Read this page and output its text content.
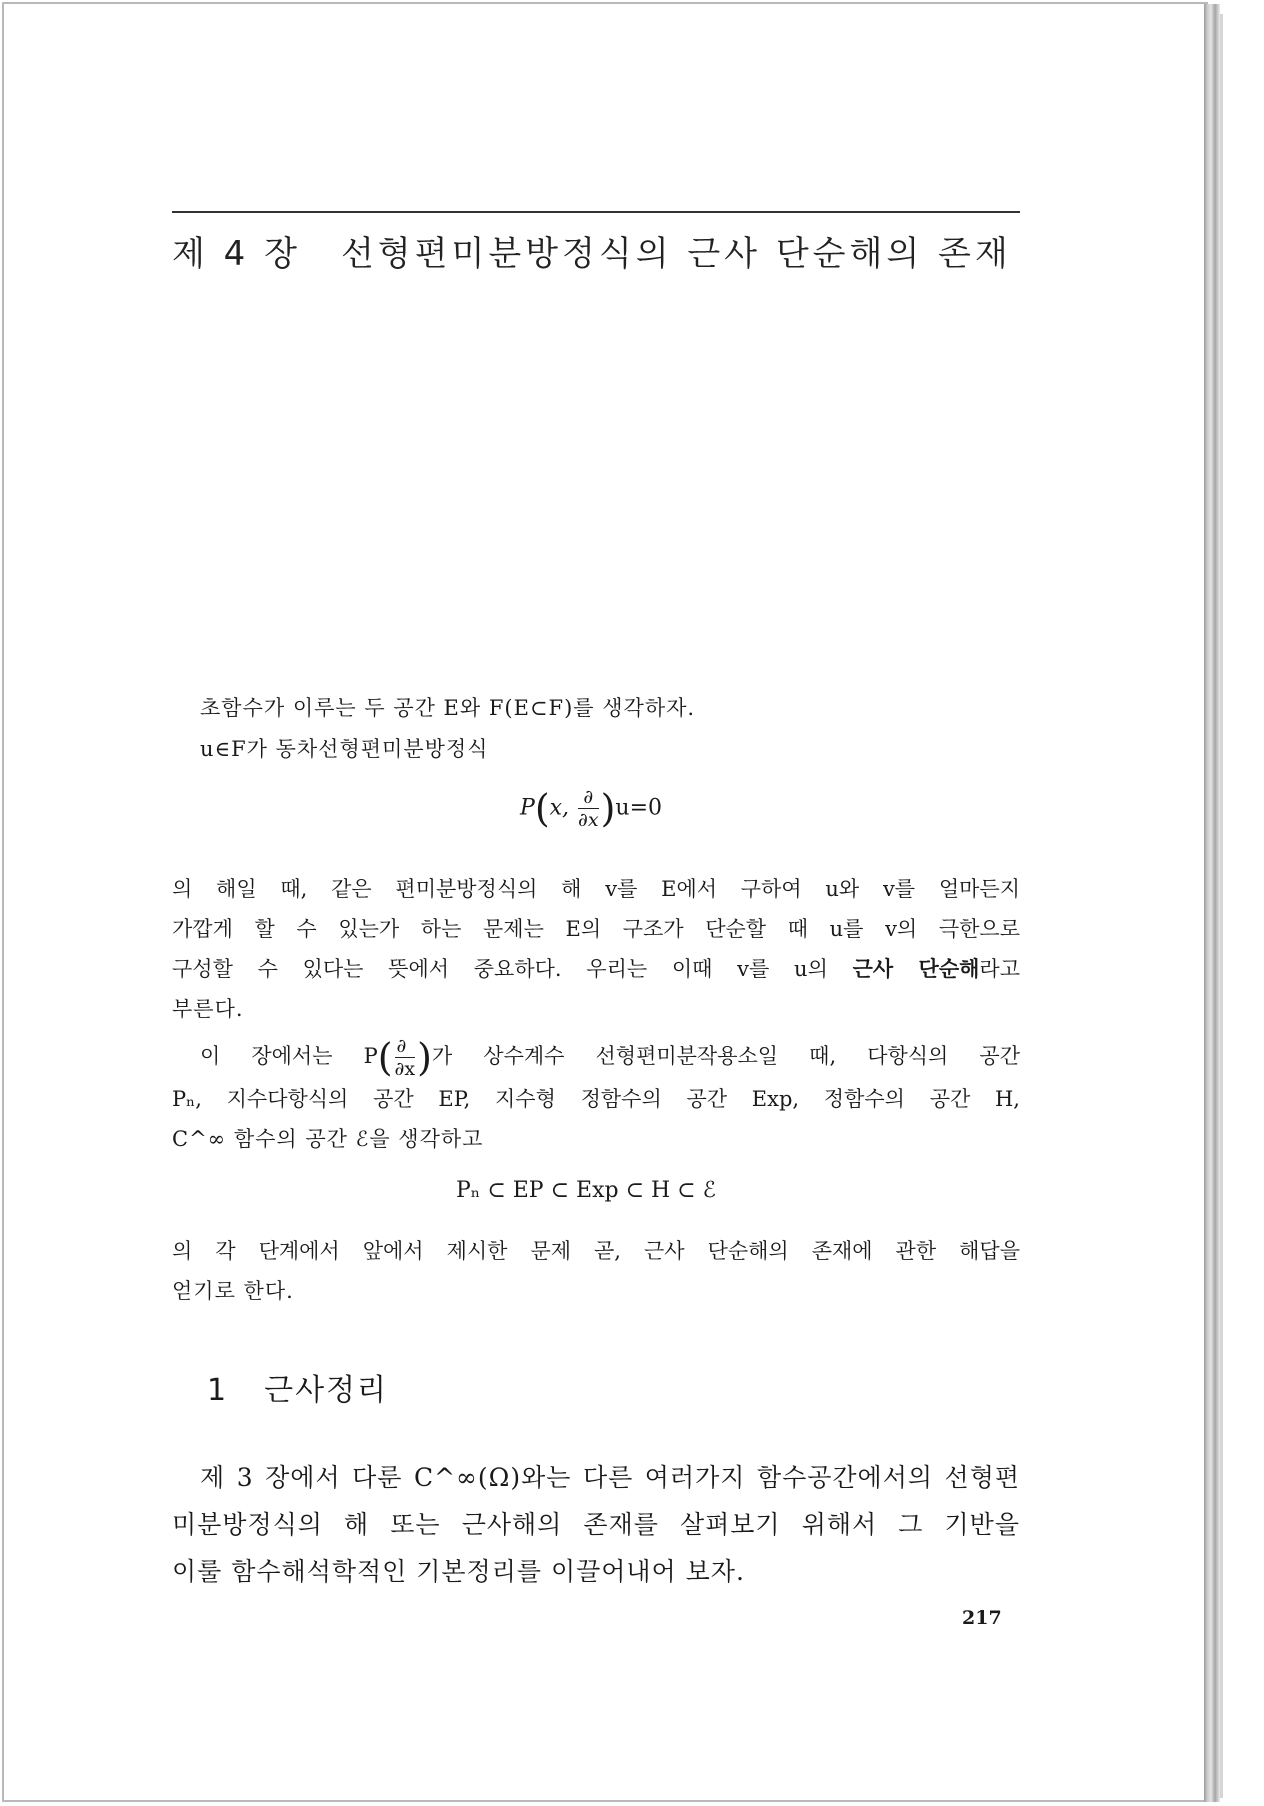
제 4 장 선형편미분방정식의 근사 단순해의 존재
초함수가 이루는 두 공간 E와 F(E⊂F)를 생각하자.
u∈F가 동차선형편미분방정식
P(x, $\frac{\partial}{\partial x} )u=0$
의 해일 때, 같은 편미분방정식의 해 v를 E에서 구하여 u와 v를 얼마든지
가깝게 할 수 있는가 하는 문제는 E의 구조가 단순할 때 u를 v의 극한으로
구성할 수 있다는 뜻에서 중요하다. 우리는 이때 v를 u의 근사 단순해라고
부른다.
이 장에서는 $P( \frac{\partial}{\partial x}$ )가 상수계수 선형편미분작용소일 때, 다항식의 공간
Pₙ, 지수다항식의 공간 EP, 지수형 정함수의 공간 Exp, 정함수의 공간 H,
C^∞ 함수의 공간 ℰ을 생각하고
Pₙ ⊂ EP ⊂ Exp ⊂ H ⊂ ℰ
의 각 단계에서 앞에서 제시한 문제 곧, 근사 단순해의 존재에 관한 해답을
얻기로 한다.
1 근사정리
제 3 장에서 다룬 C^∞(Ω)와는 다른 여러가지 함수공간에서의 선형편
미분방정식의 해 또는 근사해의 존재를 살펴보기 위해서 그 기반을
이룰 함수해석학적인 기본정리를 이끌어내어 보자.
217
